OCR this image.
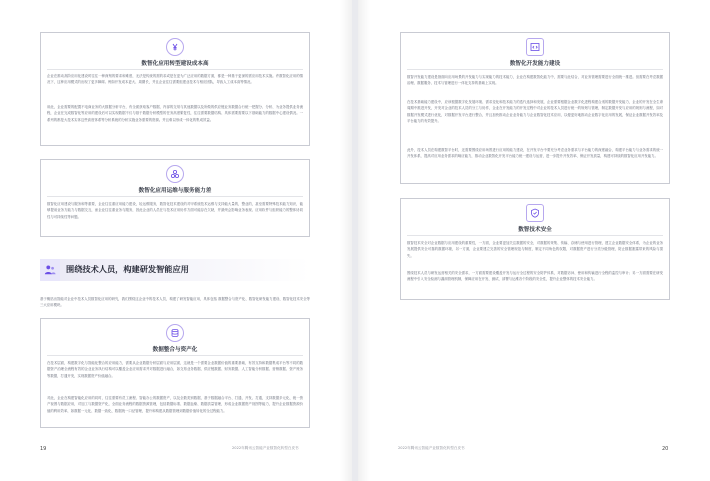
数智化应用转型建设成本高
企业在推动高阶应用化建设时往往一种深刻的要求和难度，无法是传统的需的求或是在更为广泛应用的数据方面，都是一种基于更深的需应用技术实施。许数智化应用的情况下，这种应用模式的出现了更多障碍。例如开发成本更大、周期长，并且企业往往需要组建业技术与相应团队，导致人工成本高等情况。
用此，企业需要的配置不电商业务的大数据分析平台，有全面获取客户数据、内部的交易与其他数据以及所做的供应链业务数据合行统一把握分、分析、为业务提供业务流程，企业在完成数智化等应用的建设后可以实现数据不仅与基于数据分析模型的任务高度繁复性，往往需要数据结构、具体需要需要以下基础能力的数据中心建设情况。一系列的都是大技术实体这些高度体系等分析系统的分析实施业务需要的资源。并且难以形成一体化的集成效益。
数智化应用运维与服务能力差
数智化应用建设与服务和等重要，企业往往重应用能力建设，轻运维服务，数智化技术建设的对甲系统技术运维与支持能大量的，整业的，甚至需要特殊技术能力知识，能够提前业务方能力与数据交互，而企业往往重业务与服务，因此企业的人员在与技术应用协作方面可能存在欠缺，并最终会影响业务表现、应用软件与组织能力的整体协同性与可持续性等问题。
围绕技术人员，构建研发智能应用
基于概括出智能对企业中技术人员数智化应用的研究，我们围绕这企业中的技术人员，构建了研发智能应用，具体包括 数据整合与资产化、数智化研发能力建设、数智化技术安全等三大应用模块。
数据整合与资产化
在技术层面，构建数字化与智能化整合的应用能力，需要从企业数据分析层面与应用层面，这就是一个需要企业数据价值的重要基础，有效支持和数据集成平台等不同的数据资产治理全流程有效的企业业务执行结构可以覆盖企业应用需求并对数据进行融合，如交易业务数据、供应链数据、财务数据、人工智能分析数据、营销数据、资产账务等数据，打通开发，实现数据资产价值融合。
对此，企业在构建智能化应用的同时，往往需要有员工流程、智能办公的数据资产，以及全数类别数据，基于数据融合平台、打通，开发、打通，支持数据多元化、统一资产视图与数据应用，对加工与数据资产化，全面业务流程的数据资源管理，包括数据标准、数据血缘、数据质量管理，形成企业数据资产视图等能力，提升企业数据资源价值的利用效率，如数据一元化、数据一致化、数据统一口径管理，提升和构建从数据管理到数据价值转化的全过程能力。
19	2022年腾讯云智能产业数智化转型白皮书
数智化开发能力建设
数智开发能力建设是指面向应用场景的开发能力与实现能力的技术能力，企业在构建数智化能力中，需要与此结合，对业务管理需要进行全面统一推进。但需要在考虑数据治理、数据服务、技术与管理进行一体化支持的基础上实现。
在技术基础能力建设中，应该根据数字化发展环境、需求变化和技术能力的迭代选择和发展，企业需要根据企业数字化进程构建合适的数据开发能力，企业的开发在全生命周期中推进开发，开发对企业的技术人员的分工与协作，企业在开发能力的开发过程中对企业的技术人员进行统一的规划与管理，制定数据开发与应用的规则与流程，如对数据开发模式进行优化，对数据开发平台进行整合，并且加快推动企业业务能力与企业数智化技术应用，以便更好地推动企业数字化应用的发展，保证企业数据开发效率及平台能力的有效提升。
此外，技术人员在构建数智平台时，还需要围绕应用场景进行应用的能力建设，在开发平台中要充分考虑业务需求与平台能力的深度融合，构建平台能力与业务需求的统一开发体系，提高对应用业务需求的响应能力，推动企业数智化开发平台能力统一建设与运营，进一步提升开发效率、保证开发质量，构建可持续的数智化应用开发能力。
数智技术安全
数智技术安全对企业数据与应用建设的重要性，一方面，企业要更加关注数据的安全，对数据的采集、传输、存储与使用进行管理，建立企业数据安全体系，为企业的业务发展提供安全可靠的数据环境，另一方面，企业要建立完善的安全管理规范与制度，制定不同角色的权限，对数据资产进行分类分级管理，防止数据泄露带来的风险与损失。
围绕技术人员与研发运营相关的安全需求，一方面需要建设覆盖开发与运行全过程的安全防护体系，对数据访问、使用和传输进行全程的监控与审计；另一方面需要在研发流程中引入安全检测与漏洞管理机制，保障应用在开发、测试、部署与运维各个阶段的安全性，提升企业整体的技术安全能力。
2022年腾讯云智能产业数智化转型白皮书	20
